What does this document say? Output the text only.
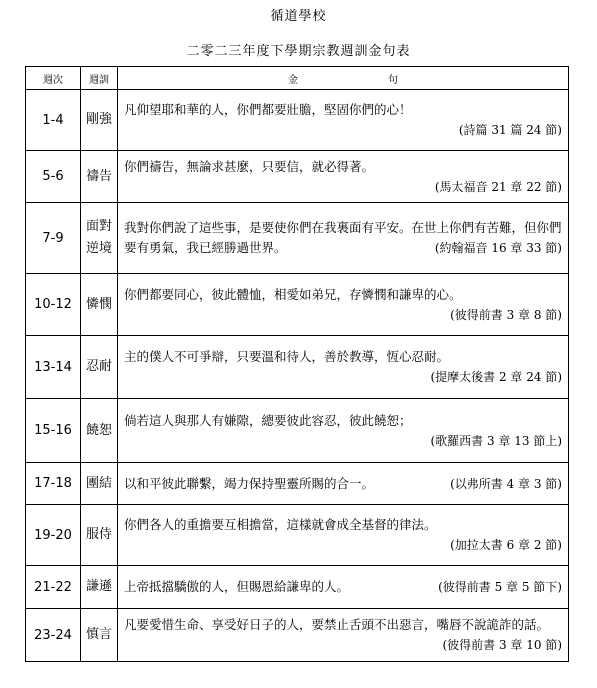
循道學校
二零二三年度下學期宗教週訓金句表
週次	週訓	金 句
1-4	剛強	凡仰望耶和華的人，你們都要壯膽，堅固你們的心！
(詩篇 31 篇 24 節)

5-6	禱告	你們禱告，無論求甚麼，只要信，就必得著。
(馬太福音 21 章 22 節)

7-9	面對逆境	我對你們說了這些事，是要使你們在我裏面有平安。在世上你們有苦難，但你們要有勇氣，我已經勝過世界。 (約翰福音 16 章 33 節)

10-12	憐憫	你們都要同心，彼此體恤，相愛如弟兄，存憐憫和謙卑的心。
(彼得前書 3 章 8 節)

13-14	忍耐	主的僕人不可爭辯，只要溫和待人，善於教導，恆心忍耐。
(提摩太後書 2 章 24 節)

15-16	饒恕	倘若這人與那人有嫌隙，總要彼此容忍，彼此饒恕；
(歌羅西書 3 章 13 節上)

17-18	團結	以和平彼此聯繫，竭力保持聖靈所賜的合一。 (以弗所書 4 章 3 節)

19-20	服侍	你們各人的重擔要互相擔當，這樣就會成全基督的律法。
(加拉太書 6 章 2 節)

21-22	謙遜	上帝抵擋驕傲的人，但賜恩給謙卑的人。 (彼得前書 5 章 5 節下)

23-24	慎言	凡要愛惜生命、享受好日子的人，要禁止舌頭不出惡言，嘴唇不說詭詐的話。
(彼得前書 3 章 10 節)
